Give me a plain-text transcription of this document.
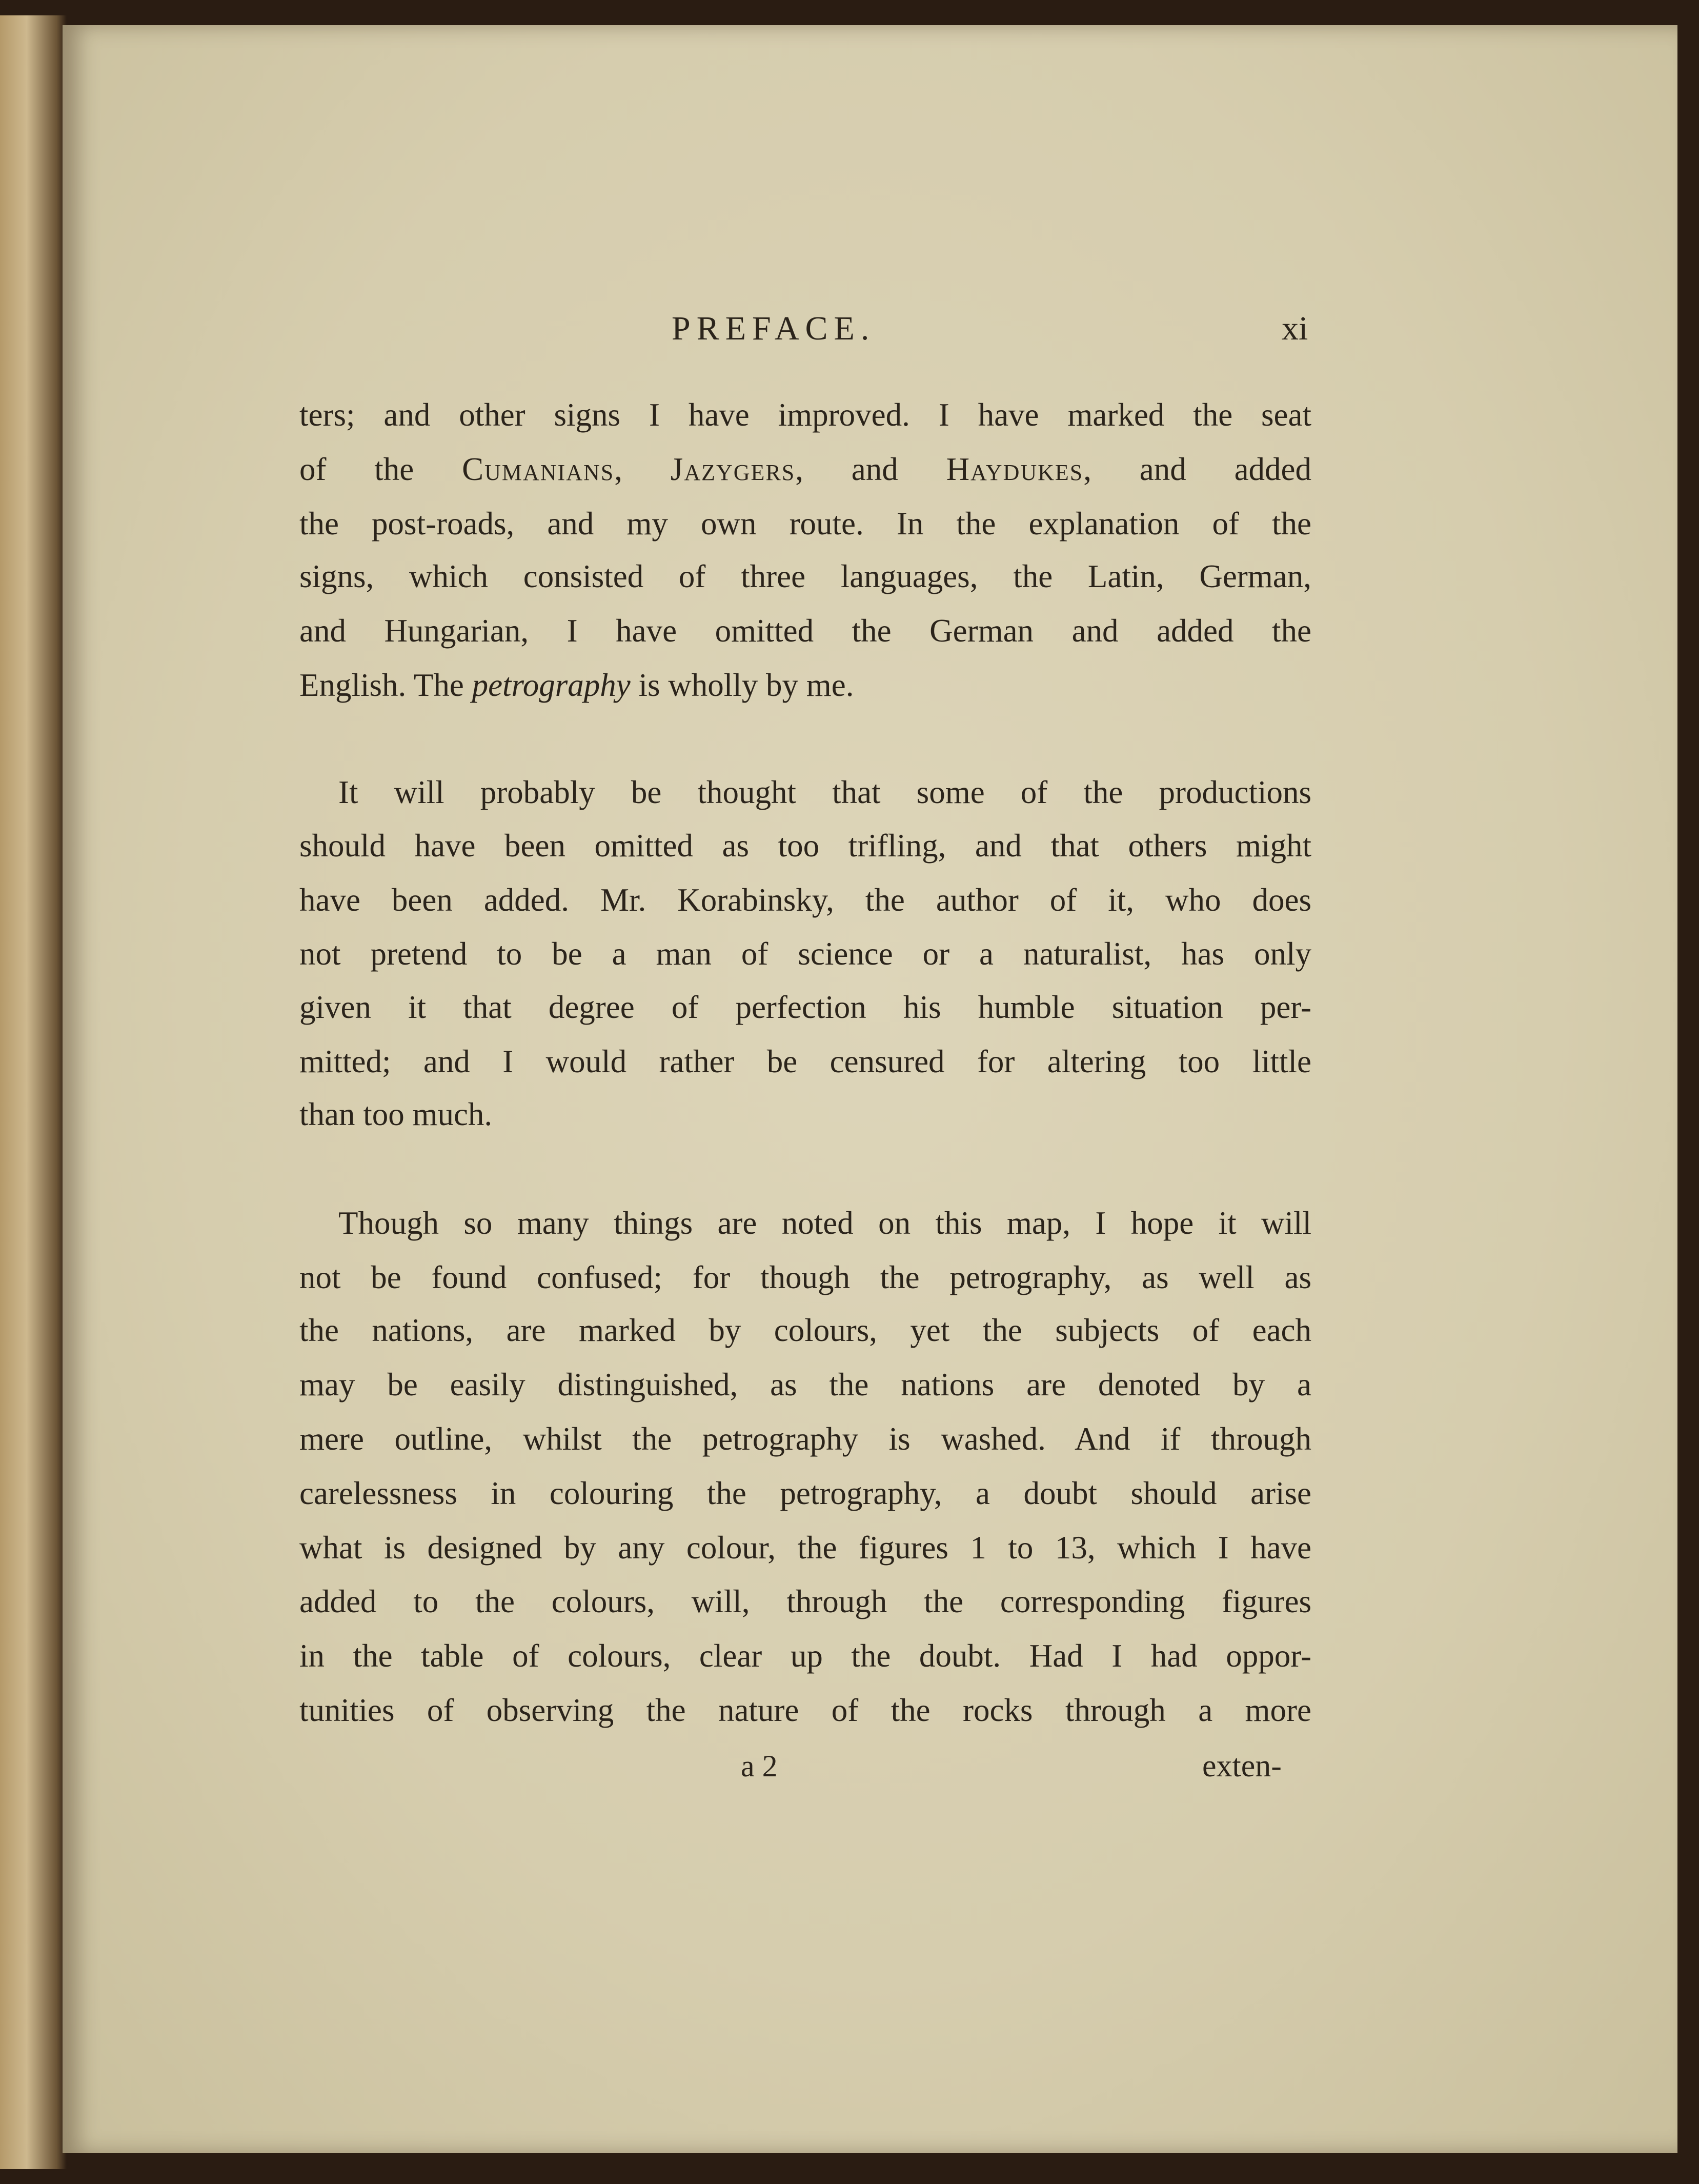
PREFACE.	xi
ters; and other signs I have improved. I have marked the seat
of the Cumanians, Jazygers, and Haydukes, and added
the post-roads, and my own route. In the explanation of the
signs, which consisted of three languages, the Latin, German,
and Hungarian, I have omitted the German and added the
English. The petrography is wholly by me.
It will probably be thought that some of the productions
should have been omitted as too trifling, and that others might
have been added. Mr. Korabinsky, the author of it, who does
not pretend to be a man of science or a naturalist, has only
given it that degree of perfection his humble situation per-
mitted; and I would rather be censured for altering too little
than too much.
Though so many things are noted on this map, I hope it will
not be found confused; for though the petrography, as well as
the nations, are marked by colours, yet the subjects of each
may be easily distinguished, as the nations are denoted by a
mere outline, whilst the petrography is washed. And if through
carelessness in colouring the petrography, a doubt should arise
what is designed by any colour, the figures 1 to 13, which I have
added to the colours, will, through the corresponding figures
in the table of colours, clear up the doubt. Had I had oppor-
tunities of observing the nature of the rocks through a more
a 2	exten-
